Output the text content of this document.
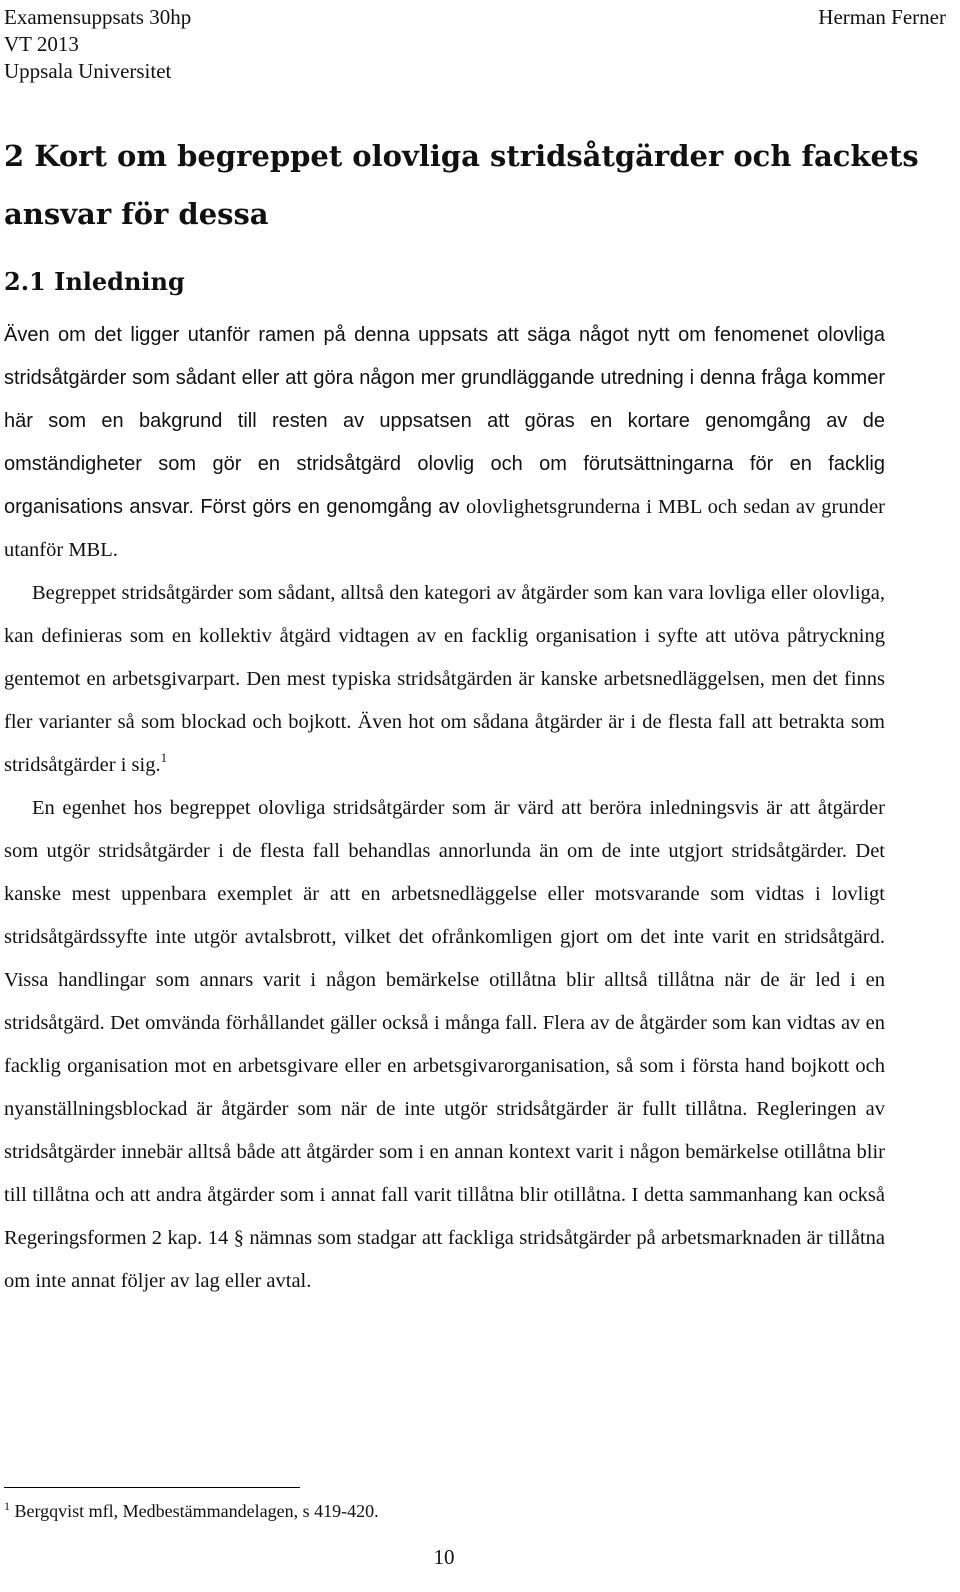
Examensuppsats 30hp
VT 2013
Uppsala Universitet
Herman Ferner
2 Kort om begreppet olovliga stridsåtgärder och fackets ansvar för dessa
2.1 Inledning

Även om det ligger utanför ramen på denna uppsats att säga något nytt om fenomenet olovliga stridsåtgärder som sådant eller att göra någon mer grundläggande utredning i denna fråga kommer här som en bakgrund till resten av uppsatsen att göras en kortare genomgång av de omständigheter som gör en stridsåtgärd olovlig och om förutsättningarna för en facklig organisations ansvar. Först görs en genomgång av olovlighetsgrunderna i MBL och sedan av grunder utanför MBL.

Begreppet stridsåtgärder som sådant, alltså den kategori av åtgärder som kan vara lovliga eller olovliga, kan definieras som en kollektiv åtgärd vidtagen av en facklig organisation i syfte att utöva påtryckning gentemot en arbetsgivarpart. Den mest typiska stridsåtgärden är kanske arbetsnedläggelsen, men det finns fler varianter så som blockad och bojkott. Även hot om sådana åtgärder är i de flesta fall att betrakta som stridsåtgärder i sig.$^1$

En egenhet hos begreppet olovliga stridsåtgärder som är värd att beröra inledningsvis är att åtgärder som utgör stridsåtgärder i de flesta fall behandlas annorlunda än om de inte utgjort stridsåtgärder. Det kanske mest uppenbara exemplet är att en arbetsnedläggelse eller motsvarande som vidtas i lovligt stridsåtgärdssyfte inte utgör avtalsbrott, vilket det ofrånkomligen gjort om det inte varit en stridsåtgärd. Vissa handlingar som annars varit i någon bemärkelse otillåtna blir alltså tillåtna när de är led i en stridsåtgärd. Det omvända förhållandet gäller också i många fall. Flera av de åtgärder som kan vidtas av en facklig organisation mot en arbetsgivare eller en arbetsgivarorganisation, så som i första hand bojkott och nyanställningsblockad är åtgärder som när de inte utgör stridsåtgärder är fullt tillåtna. Regleringen av stridsåtgärder innebär alltså både att åtgärder som i en annan kontext varit i någon bemärkelse otillåtna blir till tillåtna och att andra åtgärder som i annat fall varit tillåtna blir otillåtna. I detta sammanhang kan också Regeringsformen 2 kap. 14 § nämnas som stadgar att fackliga stridsåtgärder på arbetsmarknaden är tillåtna om inte annat följer av lag eller avtal.

$^1$ Bergqvist mfl, Medbestämmandelagen, s 419-420.
10
